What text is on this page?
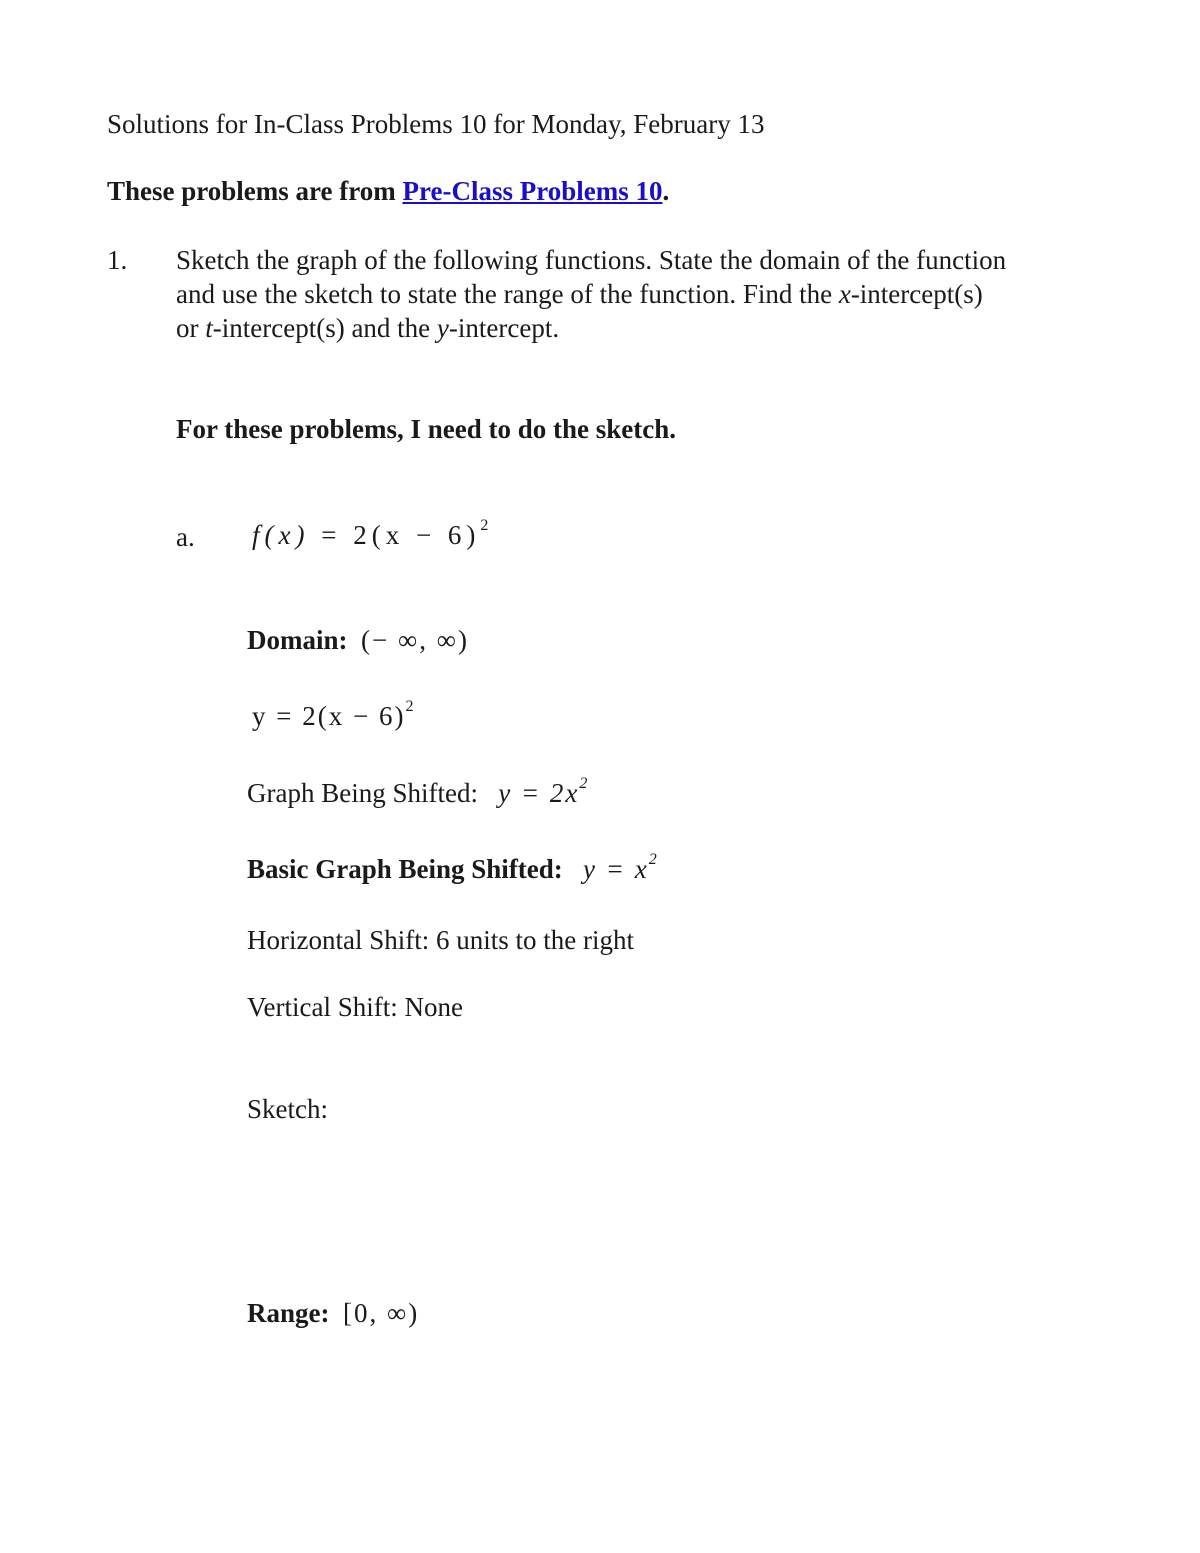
Solutions for In-Class Problems 10 for Monday, February 13
These problems are from Pre-Class Problems 10.
1. Sketch the graph of the following functions. State the domain of the function
and use the sketch to state the range of the function. Find the x-intercept(s)
or t-intercept(s) and the y-intercept.
For these problems, I need to do the sketch.
a. $f(x) = 2(x - 6)^2$
Domain: (− ∞, ∞)
$y = 2(x - 6)^2$
Graph Being Shifted: $y = 2x^2$
Basic Graph Being Shifted: $y = x^2$
Horizontal Shift: 6 units to the right
Vertical Shift: None
Sketch:
Range: [0, ∞)
